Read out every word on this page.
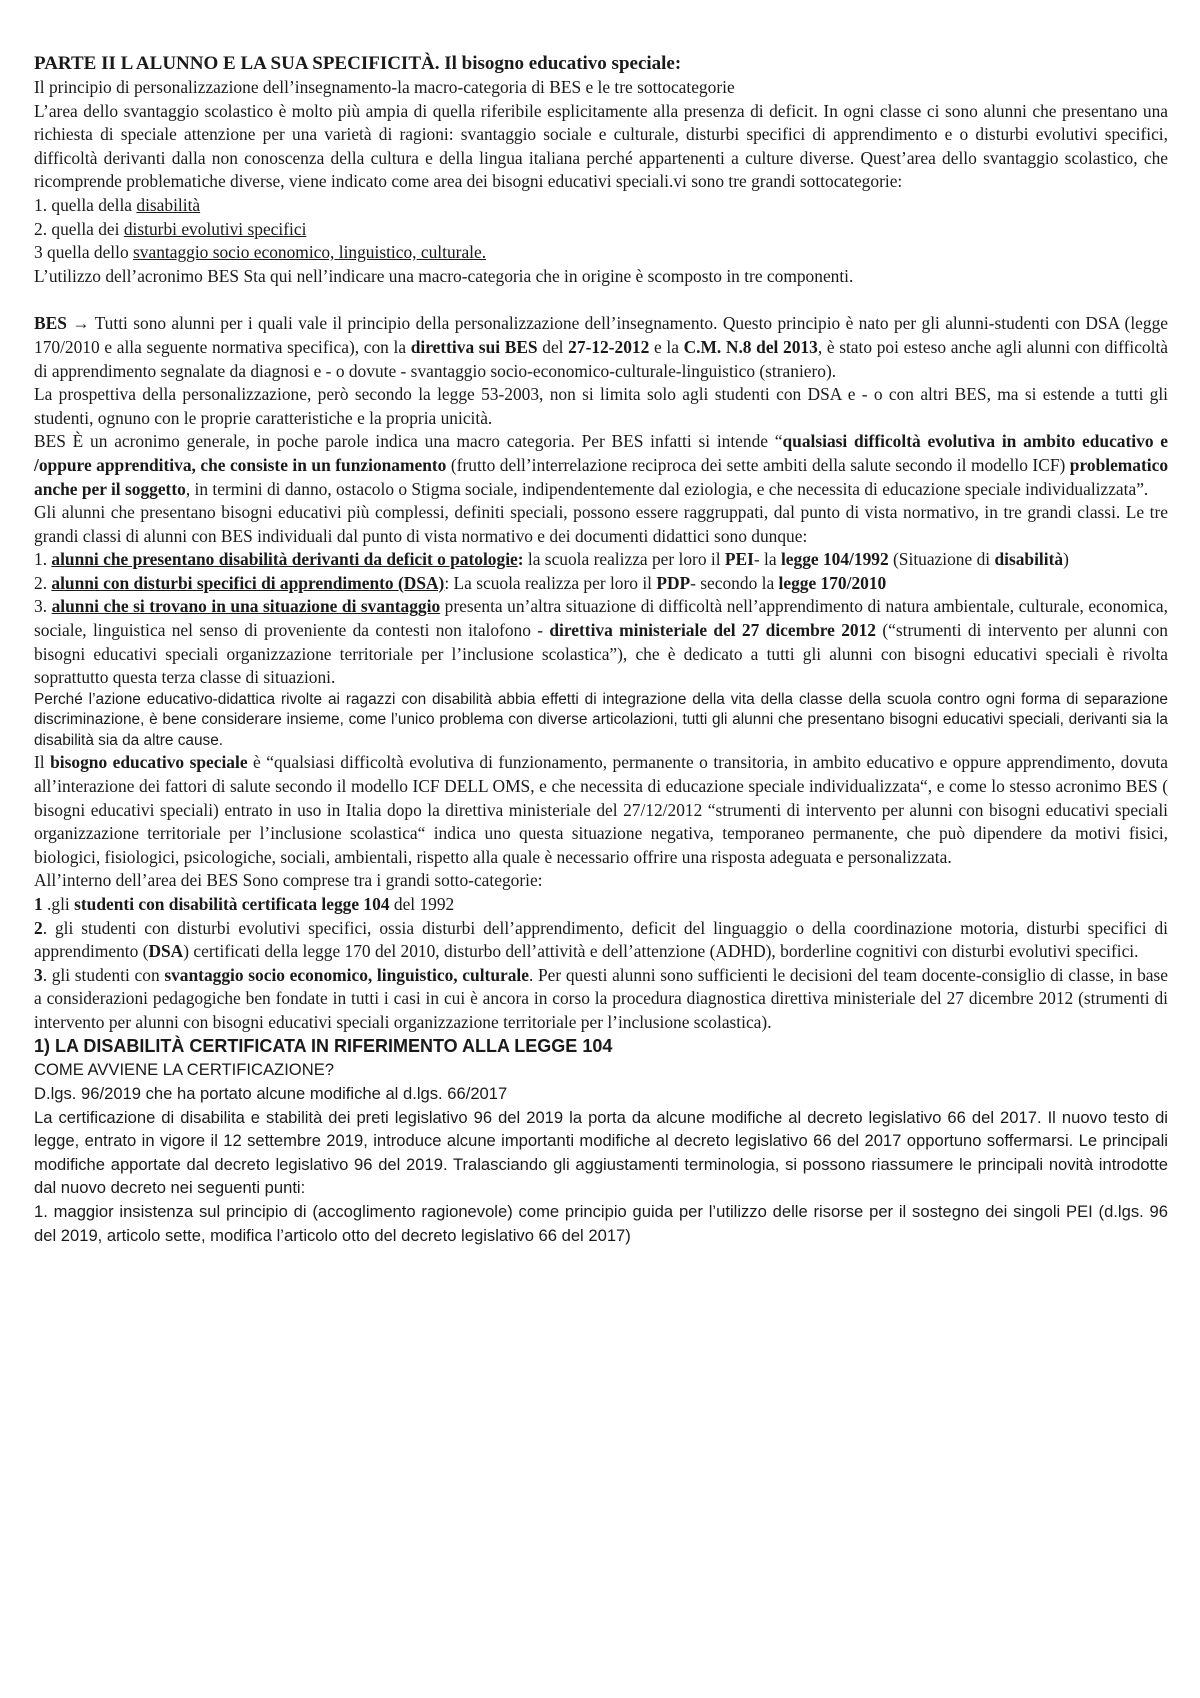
PARTE II L ALUNNO E LA SUA SPECIFICITÀ. Il bisogno educativo speciale:

Il principio di personalizzazione dell’insegnamento-la macro-categoria di BES e le tre sottocategorie

L’area dello svantaggio scolastico è molto più ampia di quella riferibile esplicitamente alla presenza di deficit. In ogni classe ci sono alunni che presentano una richiesta di speciale attenzione per una varietà di ragioni: svantaggio sociale e culturale, disturbi specifici di apprendimento e o disturbi evolutivi specifici, difficoltà derivanti dalla non conoscenza della cultura e della lingua italiana perché appartenenti a culture diverse. Quest’area dello svantaggio scolastico, che ricomprende problematiche diverse, viene indicato come area dei bisogni educativi speciali.vi sono tre grandi sottocategorie:

1. quella della disabilità

2. quella dei disturbi evolutivi specifici

3 quella dello svantaggio socio economico, linguistico, culturale.

L’utilizzo dell’acronimo BES Sta qui nell’indicare una macro-categoria che in origine è scomposto in tre componenti.

BES → Tutti sono alunni per i quali vale il principio della personalizzazione dell’insegnamento. Questo principio è nato per gli alunni-studenti con DSA (legge 170/2010 e alla seguente normativa specifica), con la direttiva sui BES del 27-12-2012 e la C.M. N.8 del 2013, è stato poi esteso anche agli alunni con difficoltà di apprendimento segnalate da diagnosi e - o dovute - svantaggio socio-economico-culturale-linguistico (straniero).

La prospettiva della personalizzazione, però secondo la legge 53-2003, non si limita solo agli studenti con DSA e - o con altri BES, ma si estende a tutti gli studenti, ognuno con le proprie caratteristiche e la propria unicità.

BES È un acronimo generale, in poche parole indica una macro categoria. Per BES infatti si intende “qualsiasi difficoltà evolutiva in ambito educativo e /oppure apprenditiva, che consiste in un funzionamento (frutto dell’interrelazione reciproca dei sette ambiti della salute secondo il modello ICF) problematico anche per il soggetto, in termini di danno, ostacolo o Stigma sociale, indipendentemente dal eziologia, e che necessita di educazione speciale individualizzata”.

Gli alunni che presentano bisogni educativi più complessi, definiti speciali, possono essere raggruppati, dal punto di vista normativo, in tre grandi classi. Le tre grandi classi di alunni con BES individuali dal punto di vista normativo e dei documenti didattici sono dunque:

1. alunni che presentano disabilità derivanti da deficit o patologie: la scuola realizza per loro il PEI- la legge 104/1992 (Situazione di disabilità)

2. alunni con disturbi specifici di apprendimento (DSA): La scuola realizza per loro il PDP- secondo la legge 170/2010

3. alunni che si trovano in una situazione di svantaggio presenta un’altra situazione di difficoltà nell’apprendimento di natura ambientale, culturale, economica, sociale, linguistica nel senso di proveniente da contesti non italofono - direttiva ministeriale del 27 dicembre 2012 (“strumenti di intervento per alunni con bisogni educativi speciali organizzazione territoriale per l’inclusione scolastica”), che è dedicato a tutti gli alunni con bisogni educativi speciali è rivolta soprattutto questa terza classe di situazioni.

Perché l’azione educativo-didattica rivolte ai ragazzi con disabilità abbia effetti di integrazione della vita della classe della scuola contro ogni forma di separazione discriminazione, è bene considerare insieme, come l’unico problema con diverse articolazioni, tutti gli alunni che presentano bisogni educativi speciali, derivanti sia la disabilità sia da altre cause.

Il bisogno educativo speciale è “qualsiasi difficoltà evolutiva di funzionamento, permanente o transitoria, in ambito educativo e oppure apprendimento, dovuta all’interazione dei fattori di salute secondo il modello ICF DELL OMS, e che necessita di educazione speciale individualizzata“, e come lo stesso acronimo BES ( bisogni educativi speciali) entrato in uso in Italia dopo la direttiva ministeriale del 27/12/2012 “strumenti di intervento per alunni con bisogni educativi speciali organizzazione territoriale per l’inclusione scolastica“ indica uno questa situazione negativa, temporaneo permanente, che può dipendere da motivi fisici, biologici, fisiologici, psicologiche, sociali, ambientali, rispetto alla quale è necessario offrire una risposta adeguata e personalizzata.

All’interno dell’area dei BES Sono comprese tra i grandi sotto-categorie:

1 .gli studenti con disabilità certificata legge 104 del 1992

2. gli studenti con disturbi evolutivi specifici, ossia disturbi dell’apprendimento, deficit del linguaggio o della coordinazione motoria, disturbi specifici di apprendimento (DSA) certificati della legge 170 del 2010, disturbo dell’attività e dell’attenzione (ADHD), borderline cognitivi con disturbi evolutivi specifici.

3. gli studenti con svantaggio socio economico, linguistico, culturale. Per questi alunni sono sufficienti le decisioni del team docente-consiglio di classe, in base a considerazioni pedagogiche ben fondate in tutti i casi in cui è ancora in corso la procedura diagnostica direttiva ministeriale del 27 dicembre 2012 (strumenti di intervento per alunni con bisogni educativi speciali organizzazione territoriale per l’inclusione scolastica).

1) LA DISABILITÀ CERTIFICATA IN RIFERIMENTO ALLA LEGGE 104

COME AVVIENE LA CERTIFICAZIONE?

D.lgs. 96/2019 che ha portato alcune modifiche al d.lgs. 66/2017

La certificazione di disabilita e stabilità dei preti legislativo 96 del 2019 la porta da alcune modifiche al decreto legislativo 66 del 2017. Il nuovo testo di legge, entrato in vigore il 12 settembre 2019, introduce alcune importanti modifiche al decreto legislativo 66 del 2017 opportuno soffermarsi. Le principali modifiche apportate dal decreto legislativo 96 del 2019. Tralasciando gli aggiustamenti terminologia, si possono riassumere le principali novità introdotte dal nuovo decreto nei seguenti punti:

1. maggior insistenza sul principio di (accoglimento ragionevole) come principio guida per l’utilizzo delle risorse per il sostegno dei singoli PEI (d.lgs. 96 del 2019, articolo sette, modifica l’articolo otto del decreto legislativo 66 del 2017)
